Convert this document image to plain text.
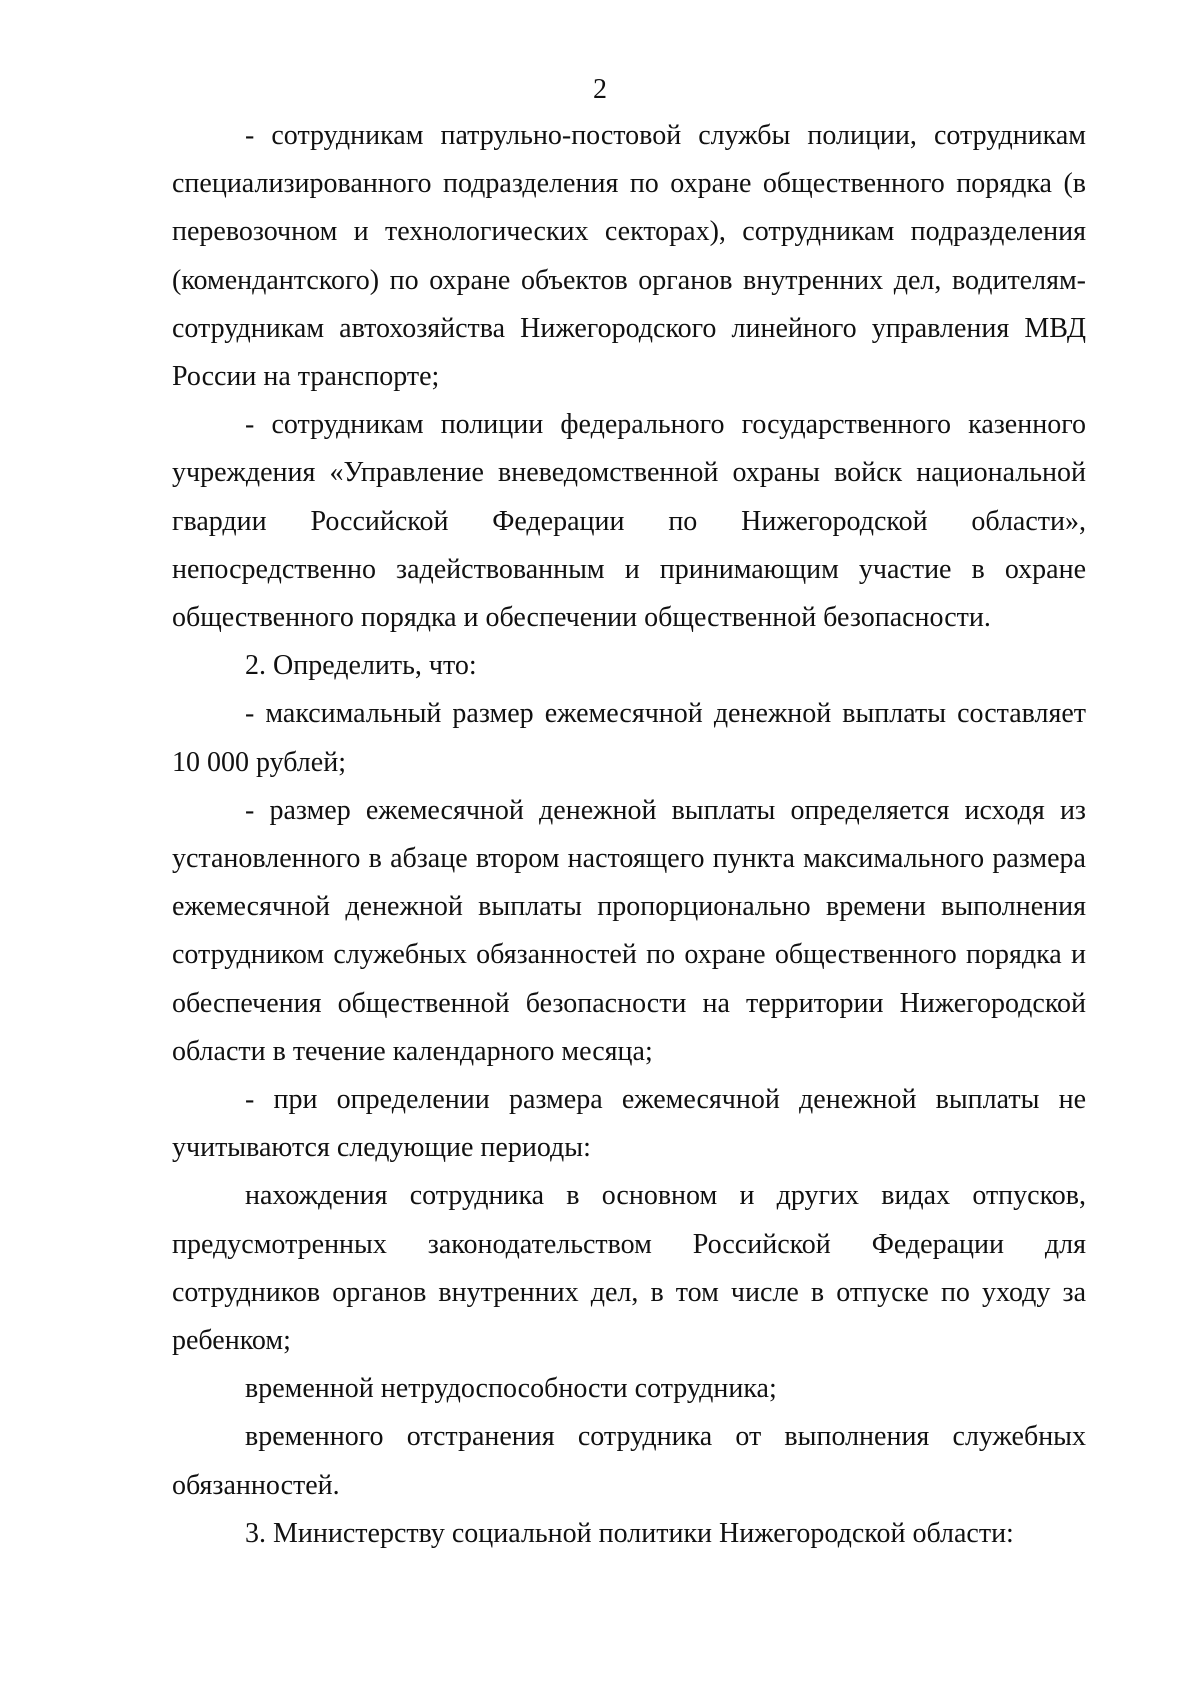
2

- сотрудникам патрульно-постовой службы полиции, сотрудникам специализированного подразделения по охране общественного порядка (в перевозочном и технологических секторах), сотрудникам подразделения (комендантского) по охране объектов органов внутренних дел, водителям-сотрудникам автохозяйства Нижегородского линейного управления МВД России на транспорте;

- сотрудникам полиции федерального государственного казенного учреждения «Управление вневедомственной охраны войск национальной гвардии Российской Федерации по Нижегородской области», непосредственно задействованным и принимающим участие в охране общественного порядка и обеспечении общественной безопасности.

2. Определить, что:

- максимальный размер ежемесячной денежной выплаты составляет 10 000 рублей;

- размер ежемесячной денежной выплаты определяется исходя из установленного в абзаце втором настоящего пункта максимального размера ежемесячной денежной выплаты пропорционально времени выполнения сотрудником служебных обязанностей по охране общественного порядка и обеспечения общественной безопасности на территории Нижегородской области в течение календарного месяца;

- при определении размера ежемесячной денежной выплаты не учитываются следующие периоды:

нахождения сотрудника в основном и других видах отпусков, предусмотренных законодательством Российской Федерации для сотрудников органов внутренних дел, в том числе в отпуске по уходу за ребенком;

временной нетрудоспособности сотрудника;

временного отстранения сотрудника от выполнения служебных обязанностей.

3. Министерству социальной политики Нижегородской области:
